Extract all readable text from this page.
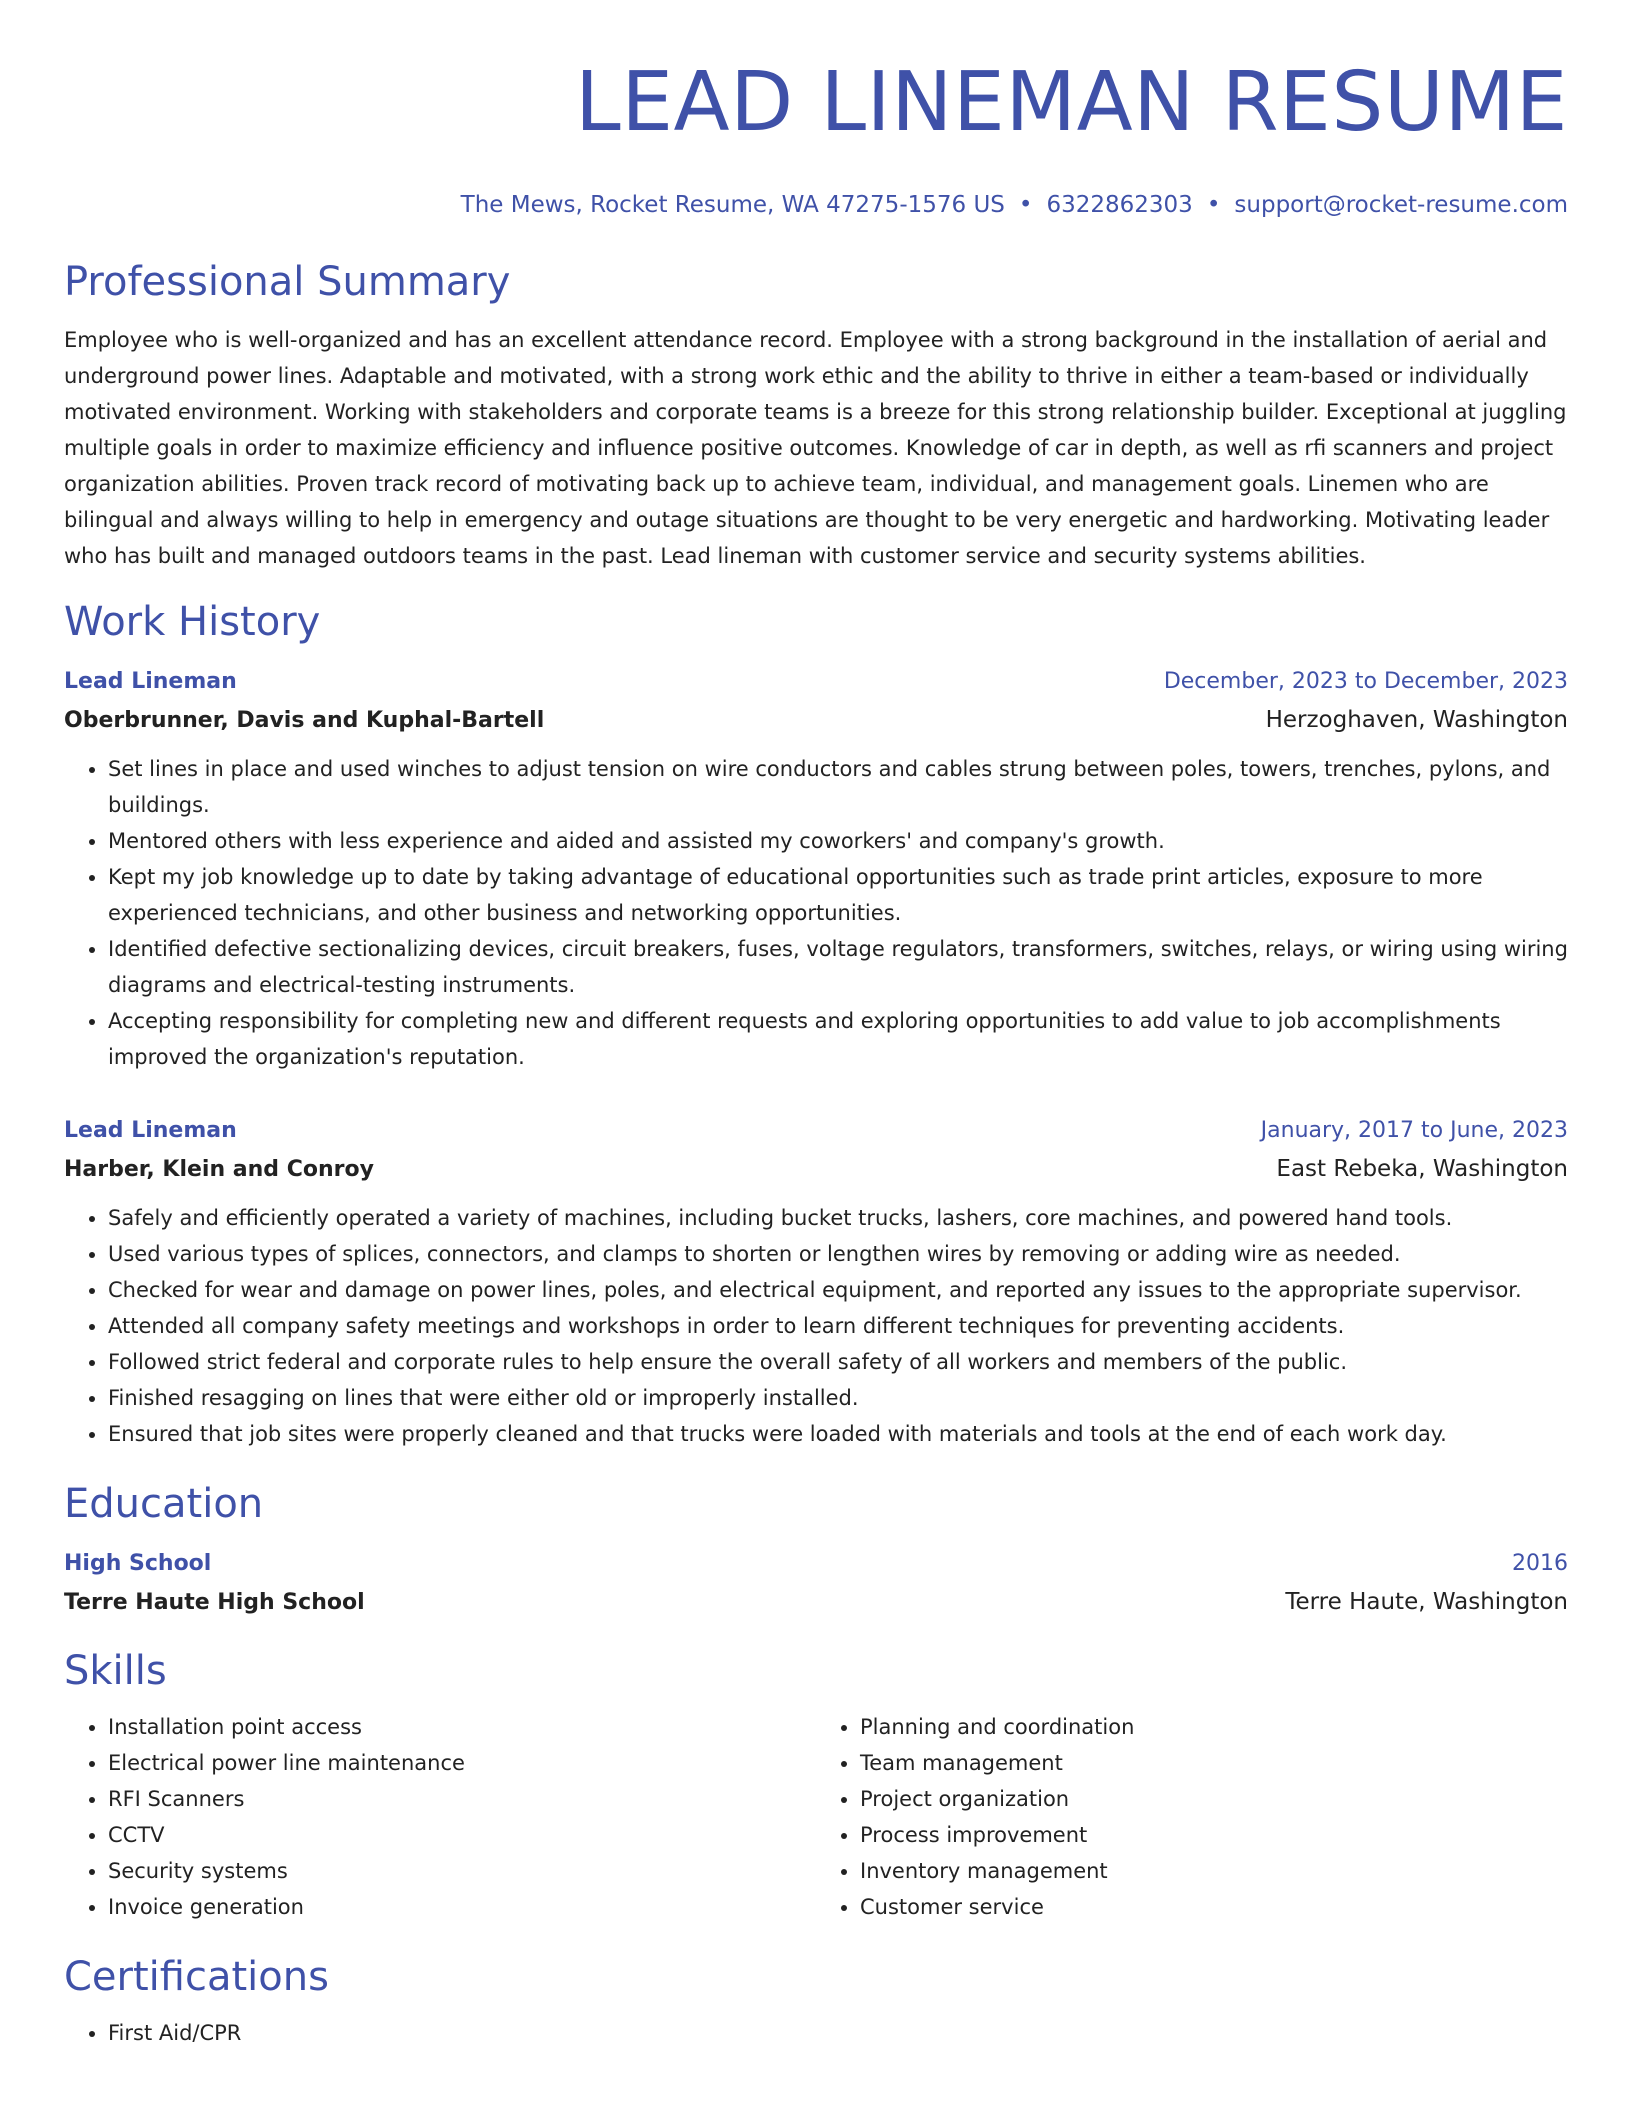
LEAD LINEMAN RESUME
The Mews, Rocket Resume, WA 47275-1576 US • 6322862303 • support@rocket-resume.com
Professional Summary
Employee who is well-organized and has an excellent attendance record. Employee with a strong background in the installation of aerial and underground power lines. Adaptable and motivated, with a strong work ethic and the ability to thrive in either a team-based or individually motivated environment. Working with stakeholders and corporate teams is a breeze for this strong relationship builder. Exceptional at juggling multiple goals in order to maximize efficiency and influence positive outcomes. Knowledge of car in depth, as well as rfi scanners and project organization abilities. Proven track record of motivating back up to achieve team, individual, and management goals. Linemen who are bilingual and always willing to help in emergency and outage situations are thought to be very energetic and hardworking. Motivating leader who has built and managed outdoors teams in the past. Lead lineman with customer service and security systems abilities.
Work History
Lead Lineman	December, 2023 to December, 2023
Oberbrunner, Davis and Kuphal-Bartell	Herzoghaven, Washington
• Set lines in place and used winches to adjust tension on wire conductors and cables strung between poles, towers, trenches, pylons, and buildings.
• Mentored others with less experience and aided and assisted my coworkers' and company's growth.
• Kept my job knowledge up to date by taking advantage of educational opportunities such as trade print articles, exposure to more experienced technicians, and other business and networking opportunities.
• Identified defective sectionalizing devices, circuit breakers, fuses, voltage regulators, transformers, switches, relays, or wiring using wiring diagrams and electrical-testing instruments.
• Accepting responsibility for completing new and different requests and exploring opportunities to add value to job accomplishments improved the organization's reputation.
Lead Lineman	January, 2017 to June, 2023
Harber, Klein and Conroy	East Rebeka, Washington
• Safely and efficiently operated a variety of machines, including bucket trucks, lashers, core machines, and powered hand tools.
• Used various types of splices, connectors, and clamps to shorten or lengthen wires by removing or adding wire as needed.
• Checked for wear and damage on power lines, poles, and electrical equipment, and reported any issues to the appropriate supervisor.
• Attended all company safety meetings and workshops in order to learn different techniques for preventing accidents.
• Followed strict federal and corporate rules to help ensure the overall safety of all workers and members of the public.
• Finished resagging on lines that were either old or improperly installed.
• Ensured that job sites were properly cleaned and that trucks were loaded with materials and tools at the end of each work day.
Education
High School	2016
Terre Haute High School	Terre Haute, Washington
Skills
• Installation point access
• Electrical power line maintenance
• RFI Scanners
• CCTV
• Security systems
• Invoice generation
• Planning and coordination
• Team management
• Project organization
• Process improvement
• Inventory management
• Customer service
Certifications
• First Aid/CPR
